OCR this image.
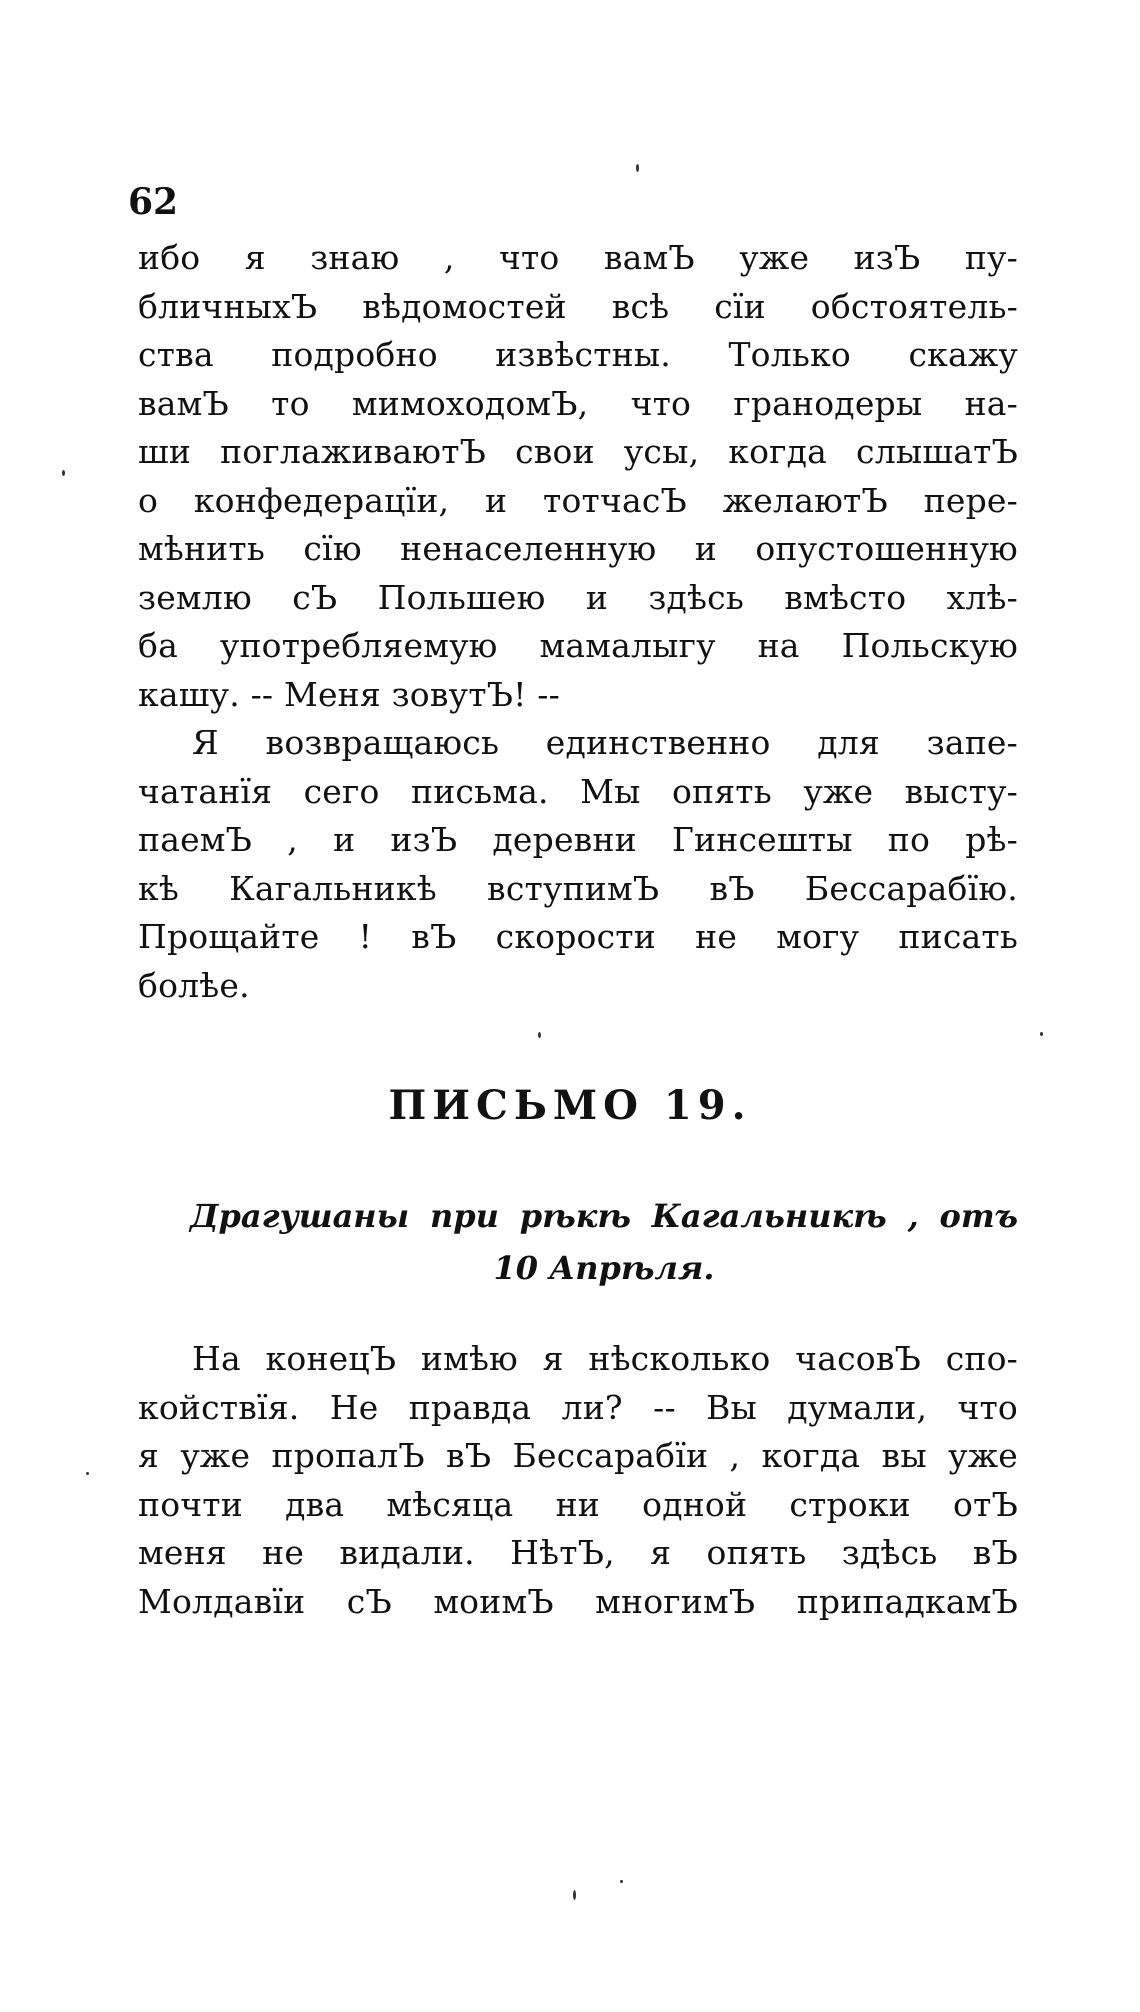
62
ибо я знаю , что вамЪ уже изЪ пу-
бличныхЪ вѣдомостей всѣ сїи обстоятель-
ства подробно извѣстны. Только скажу
вамЪ то мимоходомЪ, что гранодеры на-
ши поглаживаютЪ свои усы, когда слышатЪ
о конфедерацїи, и тотчасЪ желаютЪ пере-
мѣнить сїю ненаселенную и опустошенную
землю сЪ Польшею и здѣсь вмѣсто хлѣ-
ба употребляемую мамалыгу на Польскую
кашу. -- Меня зовутЪ! --
Я возвращаюсь единственно для запе-
чатанїя сего письма. Мы опять уже высту-
паемЪ , и изЪ деревни Гинсешты по рѣ-
кѣ Кагальникѣ вступимЪ вЪ Бессарабїю.
Прощайте ! вЪ скорости не могу писать
болѣе.
ПИСЬМО 19.
Драгушаны при рѣкѣ Кагальникѣ , отъ
10 Апрѣля.
На конецЪ имѣю я нѣсколько часовЪ спо-
койствїя. Не правда ли? -- Вы думали, что
я уже пропалЪ вЪ Бессарабїи , когда вы уже
почти два мѣсяца ни одной строки отЪ
меня не видали. НѣтЪ, я опять здѣсь вЪ
Молдавїи сЪ моимЪ многимЪ припадкамЪ
